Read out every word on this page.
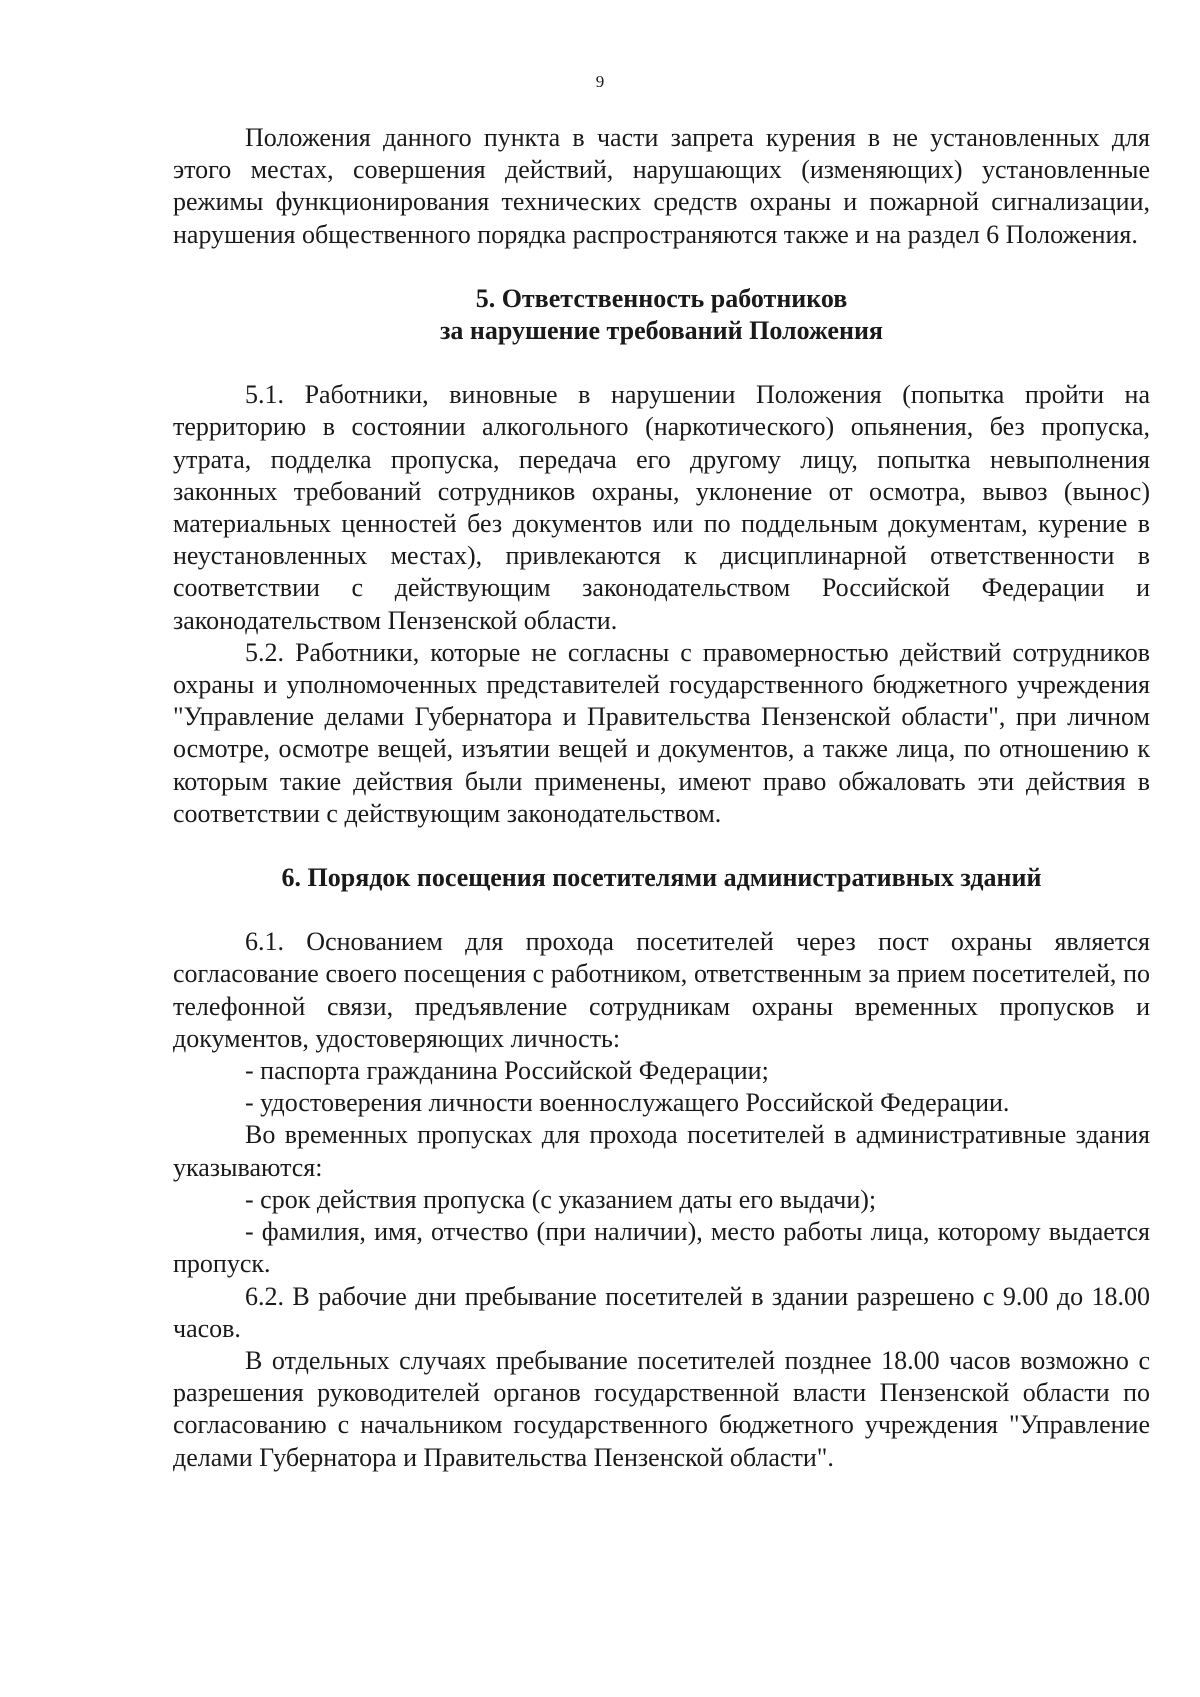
9

Положения данного пункта в части запрета курения в не установленных для этого местах, совершения действий, нарушающих (изменяющих) установленные режимы функционирования технических средств охраны и пожарной сигнализации, нарушения общественного порядка распространяются также и на раздел 6 Положения.

5. Ответственность работников

за нарушение требований Положения

5.1. Работники, виновные в нарушении Положения (попытка пройти на территорию в состоянии алкогольного (наркотического) опьянения, без пропуска, утрата, подделка пропуска, передача его другому лицу, попытка невыполнения законных требований сотрудников охраны, уклонение от осмотра, вывоз (вынос) материальных ценностей без документов или по поддельным документам, курение в неустановленных местах), привлекаются к дисциплинарной ответственности в соответствии с действующим законодательством Российской Федерации и законодательством Пензенской области.

5.2. Работники, которые не согласны с правомерностью действий сотрудников охраны и уполномоченных представителей государственного бюджетного учреждения "Управление делами Губернатора и Правительства Пензенской области", при личном осмотре, осмотре вещей, изъятии вещей и документов, а также лица, по отношению к которым такие действия были применены, имеют право обжаловать эти действия в соответствии с действующим законодательством.

6. Порядок посещения посетителями административных зданий

6.1. Основанием для прохода посетителей через пост охраны является согласование своего посещения с работником, ответственным за прием посетителей, по телефонной связи, предъявление сотрудникам охраны временных пропусков и документов, удостоверяющих личность:

- паспорта гражданина Российской Федерации;

- удостоверения личности военнослужащего Российской Федерации.

Во временных пропусках для прохода посетителей в административные здания указываются:

- срок действия пропуска (с указанием даты его выдачи);

- фамилия, имя, отчество (при наличии), место работы лица, которому выдается пропуск.

6.2. В рабочие дни пребывание посетителей в здании разрешено с 9.00 до 18.00 часов.

В отдельных случаях пребывание посетителей позднее 18.00 часов возможно с разрешения руководителей органов государственной власти Пензенской области по согласованию с начальником государственного бюджетного учреждения "Управление делами Губернатора и Правительства Пензенской области".
